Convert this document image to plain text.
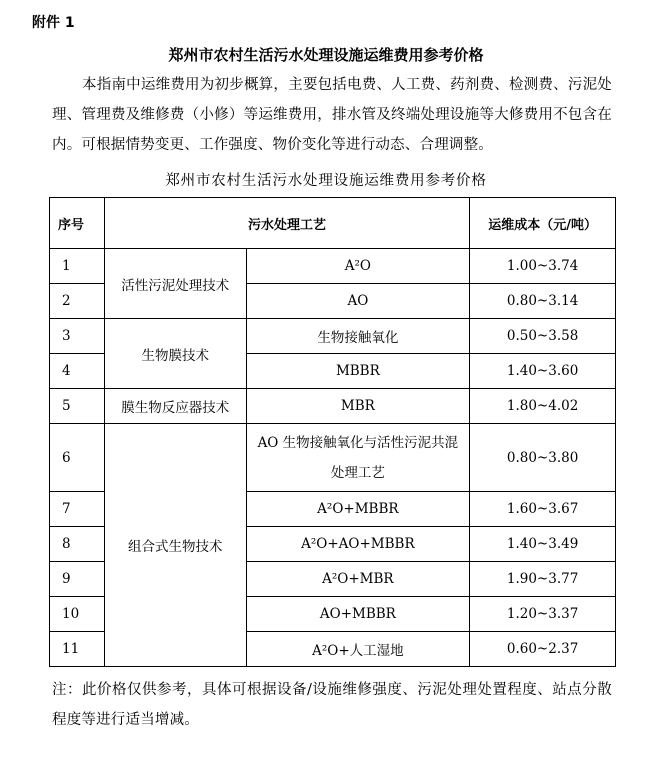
附件 1
郑州市农村生活污水处理设施运维费用参考价格

本指南中运维费用为初步概算，主要包括电费、人工费、药剂费、检测费、污泥处理、管理费及维修费（小修）等运维费用，排水管及终端处理设施等大修费用不包含在内。可根据情势变更、工作强度、物价变化等进行动态、合理调整。

郑州市农村生活污水处理设施运维费用参考价格
序号	污水处理工艺		运维成本（元/吨）
1	活性污泥处理技术	A²O	1.00~3.74
2		AO	0.80~3.14
3	生物膜技术	生物接触氧化	0.50~3.58
4		MBBR	1.40~3.60
5	膜生物反应器技术	MBR	1.80~4.02
6	组合式生物技术	AO 生物接触氧化与活性污泥共混处理工艺	0.80~3.80
7		A²O+MBBR	1.60~3.67
8		A²O+AO+MBBR	1.40~3.49
9		A²O+MBR	1.90~3.77
10		AO+MBBR	1.20~3.37
11		A²O+人工湿地	0.60~2.37

注：此价格仅供参考，具体可根据设备/设施维修强度、污泥处理处置程度、站点分散程度等进行适当增减。
